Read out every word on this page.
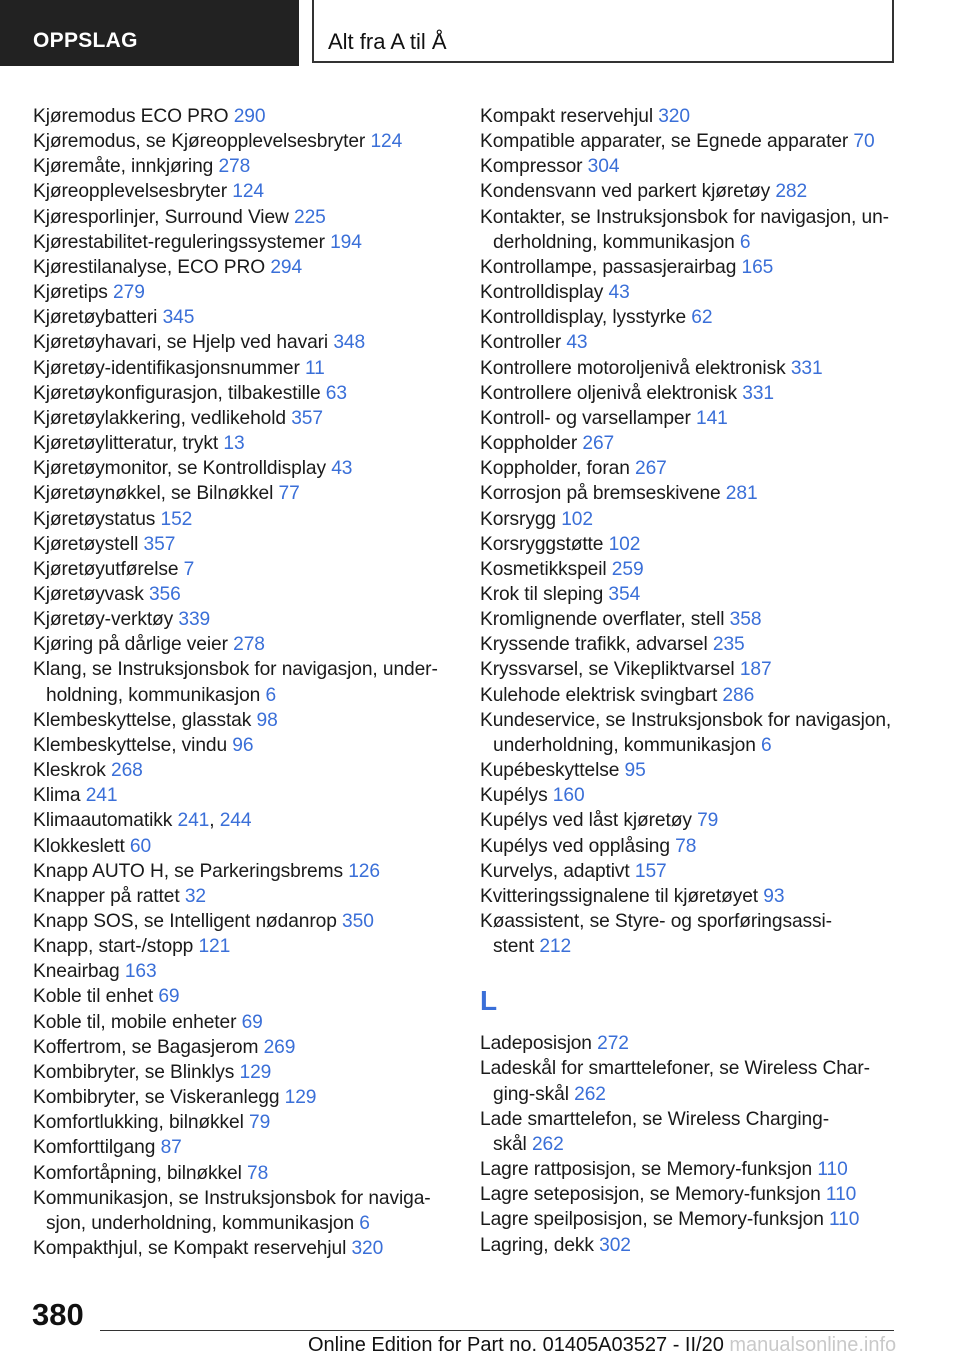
OPPSLAG	Alt fra A til Å
Kjøremodus ECO PRO 290
Kjøremodus, se Kjøreopplevelsesbryter 124
Kjøremåte, innkjøring 278
Kjøreopplevelsesbryter 124
Kjøresporlinjer, Surround View 225
Kjørestabilitet-reguleringssystemer 194
Kjørestilanalyse, ECO PRO 294
Kjøretips 279
Kjøretøybatteri 345
Kjøretøyhavari, se Hjelp ved havari 348
Kjøretøy-identifikasjonsnummer 11
Kjøretøykonfigurasjon, tilbakestille 63
Kjøretøylakkering, vedlikehold 357
Kjøretøylitteratur, trykt 13
Kjøretøymonitor, se Kontrolldisplay 43
Kjøretøynøkkel, se Bilnøkkel 77
Kjøretøystatus 152
Kjøretøystell 357
Kjøretøyutførelse 7
Kjøretøyvask 356
Kjøretøy-verktøy 339
Kjøring på dårlige veier 278
Klang, se Instruksjonsbok for navigasjon, under-
holdning, kommunikasjon 6
Klembeskyttelse, glasstak 98
Klembeskyttelse, vindu 96
Kleskrok 268
Klima 241
Klimaautomatikk 241, 244
Klokkeslett 60
Knapp AUTO H, se Parkeringsbrems 126
Knapper på rattet 32
Knapp SOS, se Intelligent nødanrop 350
Knapp, start-/stopp 121
Kneairbag 163
Koble til enhet 69
Koble til, mobile enheter 69
Koffertrom, se Bagasjerom 269
Kombibryter, se Blinklys 129
Kombibryter, se Viskeranlegg 129
Komfortlukking, bilnøkkel 79
Komforttilgang 87
Komfortåpning, bilnøkkel 78
Kommunikasjon, se Instruksjonsbok for naviga-
sjon, underholdning, kommunikasjon 6
Kompakthjul, se Kompakt reservehjul 320
Kompakt reservehjul 320
Kompatible apparater, se Egnede apparater 70
Kompressor 304
Kondensvann ved parkert kjøretøy 282
Kontakter, se Instruksjonsbok for navigasjon, un-
derholdning, kommunikasjon 6
Kontrollampe, passasjerairbag 165
Kontrolldisplay 43
Kontrolldisplay, lysstyrke 62
Kontroller 43
Kontrollere motoroljenivå elektronisk 331
Kontrollere oljenivå elektronisk 331
Kontroll- og varsellamper 141
Koppholder 267
Koppholder, foran 267
Korrosjon på bremseskivene 281
Korsrygg 102
Korsryggstøtte 102
Kosmetikkspeil 259
Krok til sleping 354
Kromlignende overflater, stell 358
Kryssende trafikk, advarsel 235
Kryssvarsel, se Vikepliktvarsel 187
Kulehode elektrisk svingbart 286
Kundeservice, se Instruksjonsbok for navigasjon,
underholdning, kommunikasjon 6
Kupébeskyttelse 95
Kupélys 160
Kupélys ved låst kjøretøy 79
Kupélys ved opplåsing 78
Kurvelys, adaptivt 157
Kvitteringssignalene til kjøretøyet 93
Køassistent, se Styre- og sporføringsassi-
stent 212
L
Ladeposisjon 272
Ladeskål for smarttelefoner, se Wireless Char-
ging-skål 262
Lade smarttelefon, se Wireless Charging-
skål 262
Lagre rattposisjon, se Memory-funksjon 110
Lagre seteposisjon, se Memory-funksjon 110
Lagre speilposisjon, se Memory-funksjon 110
Lagring, dekk 302
380
Online Edition for Part no. 01405A03527 - II/20 manualsonline.info
